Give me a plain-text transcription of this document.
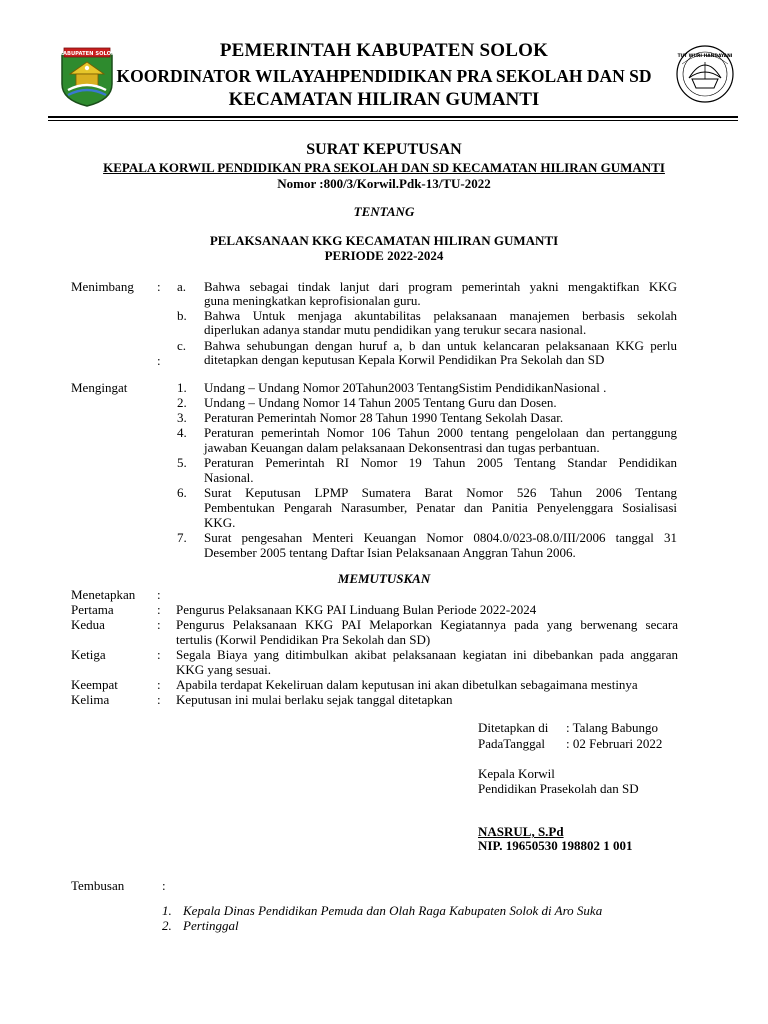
KABUPATEN SOLOK	TUT WURI HANDAYANI
PEMERINTAH KABUPATEN SOLOK
KOORDINATOR WILAYAHPENDIDIKAN PRA SEKOLAH DAN SD
KECAMATAN HILIRAN GUMANTI
SURAT KEPUTUSAN
KEPALA KORWIL PENDIDIKAN PRA SEKOLAH DAN SD KECAMATAN HILIRAN GUMANTI
Nomor :800/3/Korwil.Pdk-13/TU-2022
TENTANG
PELAKSANAAN KKG KECAMATAN HILIRAN GUMANTI
PERIODE 2022-2024
Menimbang :
:
a. Bahwa sebagai tindak lanjut dari program pemerintah yakni mengaktifkan KKG
guna meningkatkan keprofisionalan guru.
b. Bahwa Untuk menjaga akuntabilitas pelaksanaan manajemen berbasis sekolah
diperlukan adanya standar mutu pendidikan yang terukur secara nasional.
c. Bahwa sehubungan dengan huruf a, b dan untuk kelancaran pelaksanaan KKG perlu
ditetapkan dengan keputusan Kepala Korwil Pendidikan Pra Sekolah dan SD
Mengingat	1. Undang – Undang Nomor 20Tahun2003 TentangSistim PendidikanNasional .
2. Undang – Undang Nomor 14 Tahun 2005 Tentang Guru dan Dosen.
3. Peraturan Pemerintah Nomor 28 Tahun 1990 Tentang Sekolah Dasar.
4. Peraturan pemerintah Nomor 106 Tahun 2000 tentang pengelolaan dan pertanggung
jawaban Keuangan dalam pelaksanaan Dekonsentrasi dan tugas perbantuan.
5. Peraturan Pemerintah RI Nomor 19 Tahun 2005 Tentang Standar Pendidikan
Nasional.
6. Surat Keputusan LPMP Sumatera Barat Nomor 526 Tahun 2006 Tentang
Pembentukan Pengarah Narasumber, Penatar dan Panitia Penyelenggara Sosialisasi
KKG.
7. Surat pengesahan Menteri Keuangan Nomor 0804.0/023-08.0/III/2006 tanggal 31
Desember 2005 tentang Daftar Isian Pelaksanaan Anggran Tahun 2006.
MEMUTUSKAN
Menetapkan :
Pertama	: Pengurus Pelaksanaan KKG PAI Linduang Bulan Periode 2022-2024
Kedua	: Pengurus Pelaksanaan KKG PAI Melaporkan Kegiatannya pada yang berwenang secara
tertulis (Korwil Pendidikan Pra Sekolah dan SD)
Ketiga	: Segala Biaya yang ditimbulkan akibat pelaksanaan kegiatan ini dibebankan pada anggaran
KKG yang sesuai.
Keempat	: Apabila terdapat Kekeliruan dalam keputusan ini akan dibetulkan sebagaimana mestinya
Kelima	: Keputusan ini mulai berlaku sejak tanggal ditetapkan
Ditetapkan di : Talang Babungo
PadaTanggal : 02 Februari 2022
Kepala Korwil
Pendidikan Prasekolah dan SD
NASRUL, S.Pd
NIP. 19650530 198802 1 001
Tembusan	:
1. Kepala Dinas Pendidikan Pemuda dan Olah Raga Kabupaten Solok di Aro Suka
2. Pertinggal
